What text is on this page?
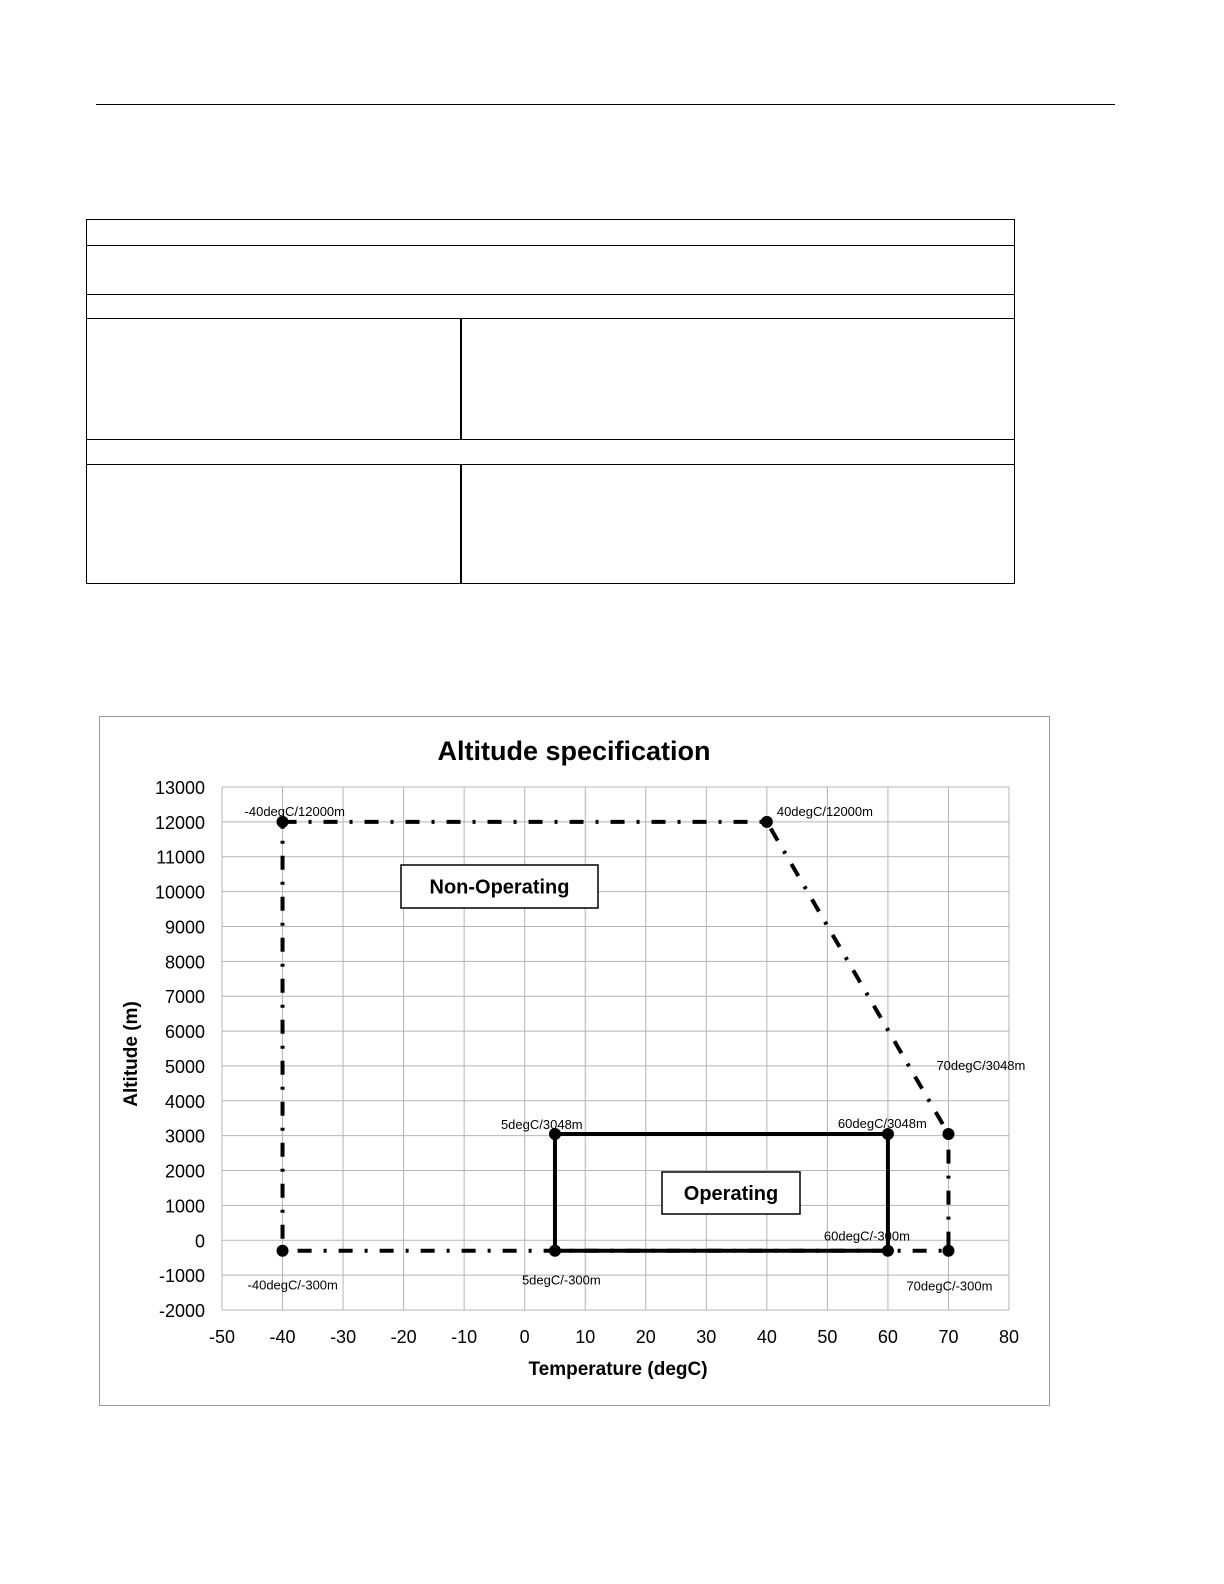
Altitude specification
13000
12000
11000
10000
9000
8000
7000
6000
5000
4000
3000
2000
1000
0
-1000
-2000
-50 -40 -30 -20 -10 0	10 20 30 40 50 60 70 80
-40degC/12000m	40degC/12000m
70degC/3048m
5degC/3048m	60degC/3048m
60degC/-300m
-40degC/-300m	5degC/-300m	70degC/-300m
Non-Operating
Operating
Altitude (m)
Temperature (degC)
